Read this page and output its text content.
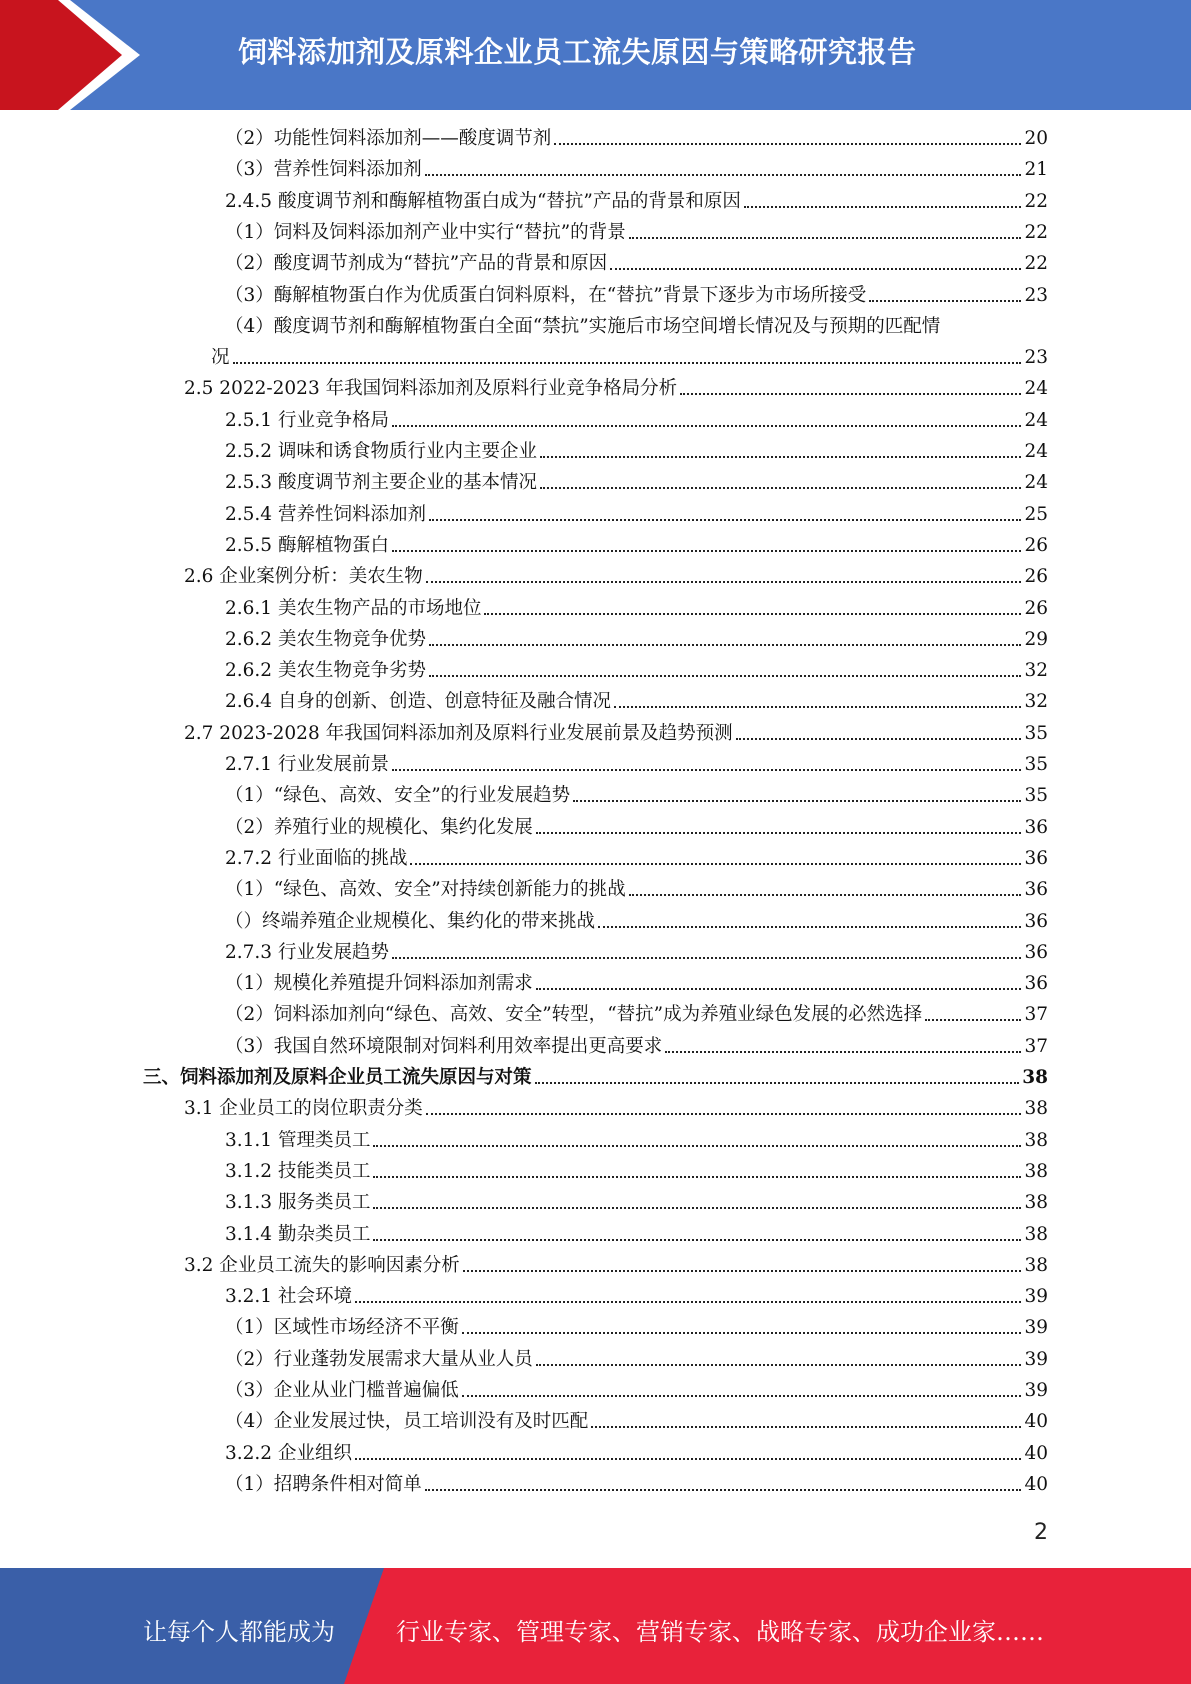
饲料添加剂及原料企业员工流失原因与策略研究报告
（2）功能性饲料添加剂——酸度调节剂	20
（3）营养性饲料添加剂	21
2.4.5 酸度调节剂和酶解植物蛋白成为“替抗”产品的背景和原因	22
（1）饲料及饲料添加剂产业中实行“替抗”的背景	22
（2）酸度调节剂成为“替抗”产品的背景和原因	22
（3）酶解植物蛋白作为优质蛋白饲料原料，在“替抗”背景下逐步为市场所接受	23
（4）酸度调节剂和酶解植物蛋白全面“禁抗”实施后市场空间增长情况及与预期的匹配情
况	23
2.5 2022-2023 年我国饲料添加剂及原料行业竞争格局分析	24
2.5.1 行业竞争格局	24
2.5.2 调味和诱食物质行业内主要企业	24
2.5.3 酸度调节剂主要企业的基本情况	24
2.5.4 营养性饲料添加剂	25
2.5.5 酶解植物蛋白	26
2.6 企业案例分析：美农生物	26
2.6.1 美农生物产品的市场地位	26
2.6.2 美农生物竞争优势	29
2.6.2 美农生物竞争劣势	32
2.6.4 自身的创新、创造、创意特征及融合情况	32
2.7 2023-2028 年我国饲料添加剂及原料行业发展前景及趋势预测	35
2.7.1 行业发展前景	35
（1）“绿色、高效、安全”的行业发展趋势	35
（2）养殖行业的规模化、集约化发展	36
2.7.2 行业面临的挑战	36
（1）“绿色、高效、安全”对持续创新能力的挑战	36
（）终端养殖企业规模化、集约化的带来挑战	36
2.7.3 行业发展趋势	36
（1）规模化养殖提升饲料添加剂需求	36
（2）饲料添加剂向“绿色、高效、安全”转型，“替抗”成为养殖业绿色发展的必然选择	37
（3）我国自然环境限制对饲料利用效率提出更高要求	37
三、饲料添加剂及原料企业员工流失原因与对策	38
3.1 企业员工的岗位职责分类	38
3.1.1 管理类员工	38
3.1.2 技能类员工	38
3.1.3 服务类员工	38
3.1.4 勤杂类员工	38
3.2 企业员工流失的影响因素分析	38
3.2.1 社会环境	39
（1）区域性市场经济不平衡	39
（2）行业蓬勃发展需求大量从业人员	39
（3）企业从业门槛普遍偏低	39
（4）企业发展过快，员工培训没有及时匹配	40
3.2.2 企业组织	40
（1）招聘条件相对简单	40
2
让每个人都能成为	行业专家、管理专家、营销专家、战略专家、成功企业家……
